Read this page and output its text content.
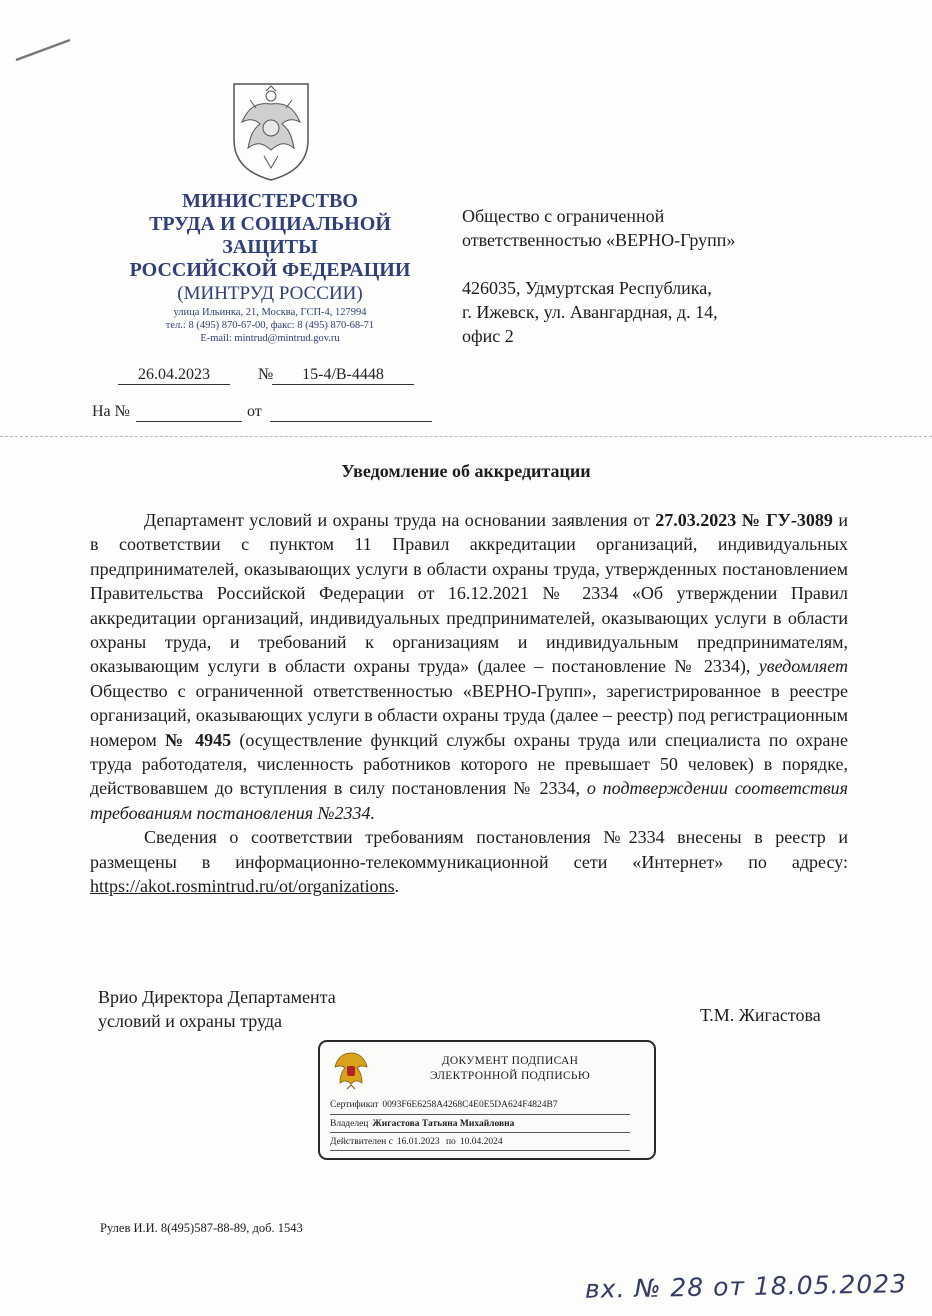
МИНИСТЕРСТВО
ТРУДА И СОЦИАЛЬНОЙ
ЗАЩИТЫ
РОССИЙСКОЙ ФЕДЕРАЦИИ
(МИНТРУД РОССИИ)
улица Ильинка, 21, Москва, ГСП-4, 127994
тел.: 8 (495) 870-67-00, факс: 8 (495) 870-68-71
E-mail: mintrud@mintrud.gov.ru
26.04.2023	№	15-4/В-4448
На №	от
Общество с ограниченной
ответственностью «ВЕРНО-Групп»
426035, Удмуртская Республика,
г. Ижевск, ул. Авангардная, д. 14,
офис 2
Уведомление об аккредитации

Департамент условий и охраны труда на основании заявления от 27.03.2023 № ГУ-3089 и в соответствии с пунктом 11 Правил аккредитации организаций, индивидуальных предпринимателей, оказывающих услуги в области охраны труда, утвержденных постановлением Правительства Российской Федерации от 16.12.2021 № 2334 «Об утверждении Правил аккредитации организаций, индивидуальных предпринимателей, оказывающих услуги в области охраны труда, и требований к организациям и индивидуальным предпринимателям, оказывающим услуги в области охраны труда» (далее – постановление № 2334), уведомляет Общество с ограниченной ответственностью «ВЕРНО-Групп», зарегистрированное в реестре организаций, оказывающих услуги в области охраны труда (далее – реестр) под регистрационным номером № 4945 (осуществление функций службы охраны труда или специалиста по охране труда работодателя, численность работников которого не превышает 50 человек) в порядке, действовавшем до вступления в силу постановления № 2334, о подтверждении соответствия требованиям постановления №2334.

Сведения о соответствии требованиям постановления №2334 внесены в реестр и размещены в информационно-телекоммуникационной сети «Интернет» по адресу: https://akot.rosmintrud.ru/ot/organizations.

Врио Директора Департамента
условий и охраны труда	Т.М. Жигастова
ДОКУМЕНТ ПОДПИСАН
ЭЛЕКТРОННОЙ ПОДПИСЬЮ
Сертификат 0093F6E6258A4268C4E0E5DA624F4824B7
Владелец Жигастова Татьяна Михайловна
Действителен с 16.01.2023 по 10.04.2024
Рулев И.И. 8(495)587-88-89, доб. 1543
вх. № 28 от 18.05.2023
